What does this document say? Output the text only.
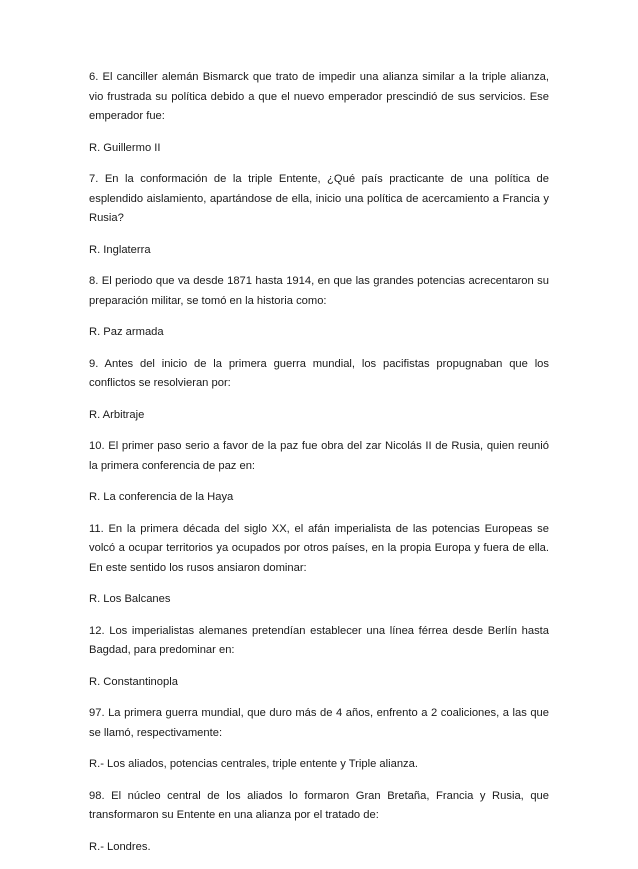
6. El canciller alemán Bismarck que trato de impedir una alianza similar a la triple alianza, vio frustrada su política debido a que el nuevo emperador prescindió de sus servicios. Ese emperador fue:

R. Guillermo II

7. En la conformación de la triple Entente, ¿Qué país practicante de una política de esplendido aislamiento, apartándose de ella, inicio una política de acercamiento a Francia y Rusia?

R. Inglaterra

8. El periodo que va desde 1871 hasta 1914, en que las grandes potencias acrecentaron su preparación militar, se tomó en la historia como:

R. Paz armada

9. Antes del inicio de la primera guerra mundial, los pacifistas propugnaban que los conflictos se resolvieran por:

R. Arbitraje

10. El primer paso serio a favor de la paz fue obra del zar Nicolás II de Rusia, quien reunió la primera conferencia de paz en:

R. La conferencia de la Haya

11. En la primera década del siglo XX, el afán imperialista de las potencias Europeas se volcó a ocupar territorios ya ocupados por otros países, en la propia Europa y fuera de ella. En este sentido los rusos ansiaron dominar:

R. Los Balcanes

12. Los imperialistas alemanes pretendían establecer una línea férrea desde Berlín hasta Bagdad, para predominar en:

R. Constantinopla

97. La primera guerra mundial, que duro más de 4 años, enfrento a 2 coaliciones, a las que se llamó, respectivamente:

R.- Los aliados, potencias centrales, triple entente y Triple alianza.

98. El núcleo central de los aliados lo formaron Gran Bretaña, Francia y Rusia, que transformaron su Entente en una alianza por el tratado de:

R.- Londres.
